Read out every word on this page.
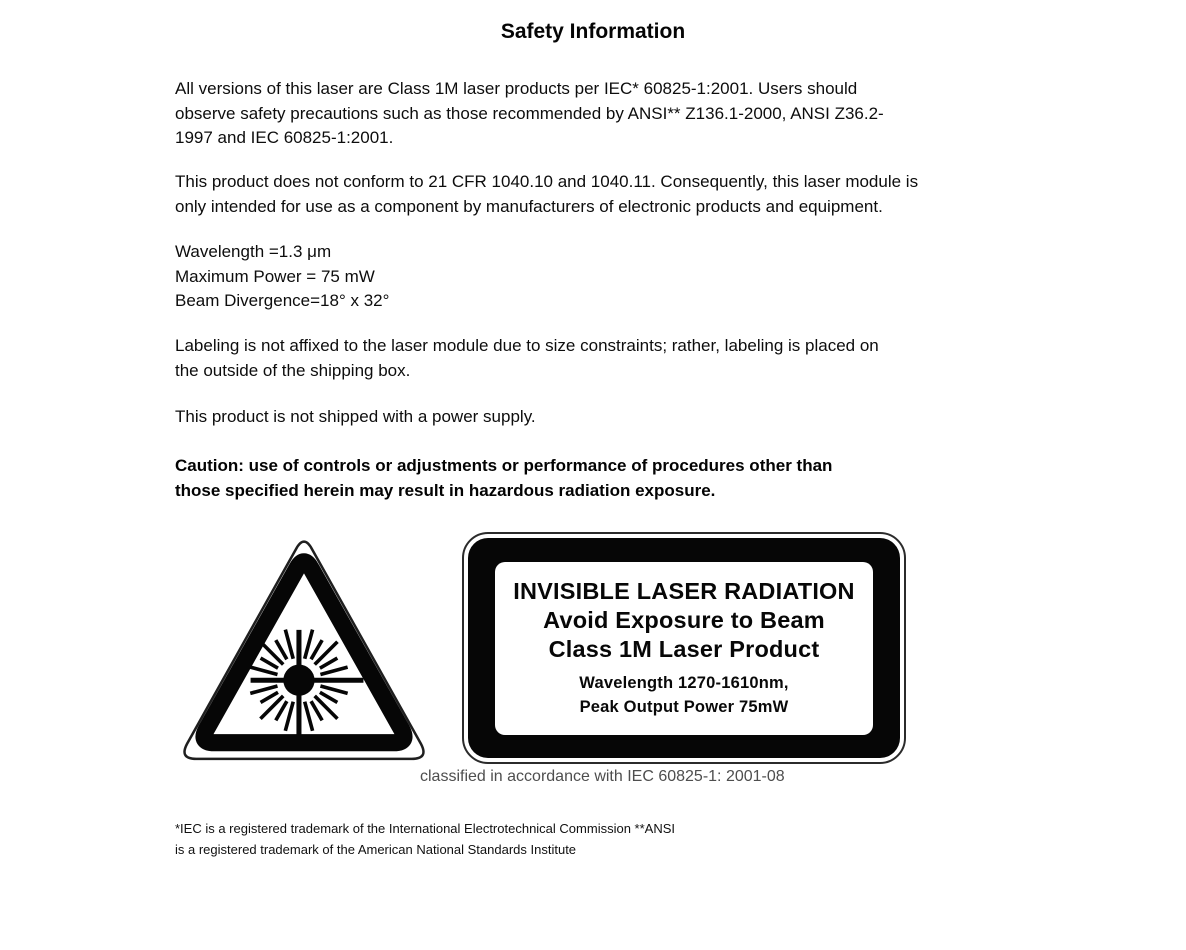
Safety Information
All versions of this laser are Class 1M laser products per IEC* 60825-1:2001. Users should
observe safety precautions such as those recommended by ANSI** Z136.1-2000, ANSI Z36.2-
1997 and IEC 60825-1:2001.
This product does not conform to 21 CFR 1040.10 and 1040.11. Consequently, this laser module is
only intended for use as a component by manufacturers of electronic products and equipment.
Wavelength =1.3 μm
Maximum Power = 75 mW
Beam Divergence=18° x 32°
Labeling is not affixed to the laser module due to size constraints; rather, labeling is placed on
the outside of the shipping box.
This product is not shipped with a power supply.
Caution: use of controls or adjustments or performance of procedures other than
those specified herein may result in hazardous radiation exposure.
INVISIBLE LASER RADIATION
Avoid Exposure to Beam
Class 1M Laser Product
Wavelength 1270-1610nm,
Peak Output Power 75mW
classified in accordance with IEC 60825-1: 2001-08
*IEC is a registered trademark of the International Electrotechnical Commission **ANSI
is a registered trademark of the American National Standards Institute
